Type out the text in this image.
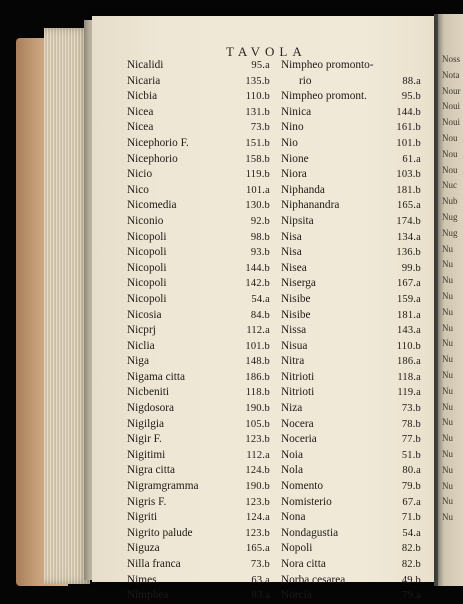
Noss
Nota
Nour
Noui
Noui
Nou
Nou
Nou
Nuc
Nub
Nug
Nug
Nu
Nu
Nu
Nu
Nu
Nu
Nu
Nu
Nu
Nu
Nu
Nu
Nu
Nu
Nu
Nu
Nu
Nu
TAVOLA
Nicalidi	95.a
Nicaria	135.b
Nicbia	110.b
Nicea	131.b
Nicea	73.b
Nicephorio F.	151.b
Nicephorio	158.b
Nicio	119.b
Nico	101.a
Nicomedia	130.b
Niconio	92.b
Nicopoli	98.b
Nicopoli	93.b
Nicopoli	144.b
Nicopoli	142.b
Nicopoli	54.a
Nicosia	84.b
Nicprj	112.a
Niclia	101.b
Niga	148.b
Nigama citta	186.b
Nicbeniti	118.b
Nigdosora	190.b
Nigilgia	105.b
Nigir F.	123.b
Nigitimi	112.a
Nigra citta	124.b
Nigramgramma	190.b
Nigris F.	123.b
Nigriti	124.a
Nigrito palude	123.b
Niguza	165.a
Nilla franca	73.b
Nimes	63.a
Nimphea	83.a
Nimpheo promonto-
rio	88.a
Nimpheo promont.	95.b
Ninica	144.b
Nino	161.b
Nio	101.b
Nione	61.a
Niora	103.b
Niphanda	181.b
Niphanandra	165.a
Nipsita	174.b
Nisa	134.a
Nisa	136.b
Nisea	99.b
Niserga	167.a
Nisibe	159.a
Nisibe	181.a
Nissa	143.a
Nisua	110.b
Nitra	186.a
Nitrioti	118.a
Nitrioti	119.a
Niza	73.b
Nocera	78.b
Noceria	77.b
Noia	51.b
Nola	80.a
Nomento	79.b
Nomisterio	67.a
Nona	71.b
Nondagustia	54.a
Nopoli	82.b
Nora citta	82.b
Norba cesarea	49.b
Norcia	79.a
